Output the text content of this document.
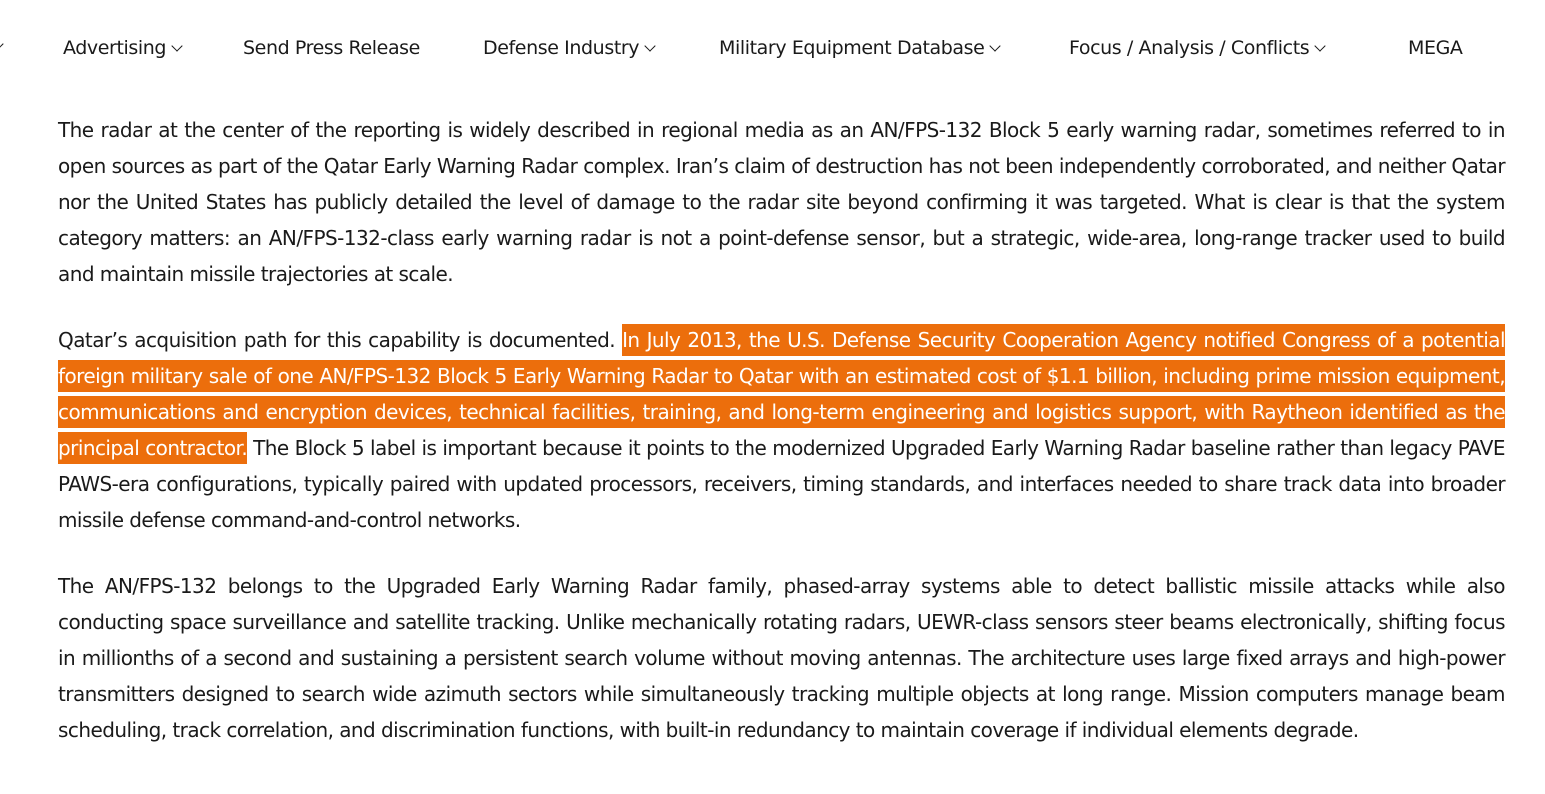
Advertising	Send Press Release	Defense Industry	Military Equipment Database	Focus / Analysis / Conflicts	MEGA

The radar at the center of the reporting is widely described in regional media as an AN/FPS-132 Block 5 early warning radar, sometimes referred to in open sources as part of the Qatar Early Warning Radar complex. Iran’s claim of destruction has not been independently corroborated, and neither Qatar nor the United States has publicly detailed the level of damage to the radar site beyond confirming it was targeted. What is clear is that the system category matters: an AN/FPS-132-class early warning radar is not a point-defense sensor, but a strategic, wide-area, long-range tracker used to build and maintain missile trajectories at scale.

Qatar’s acquisition path for this capability is documented. In July 2013, the U.S. Defense Security Cooperation Agency notified Congress of a potential foreign military sale of one AN/FPS-132 Block 5 Early Warning Radar to Qatar with an estimated cost of $1.1 billion, including prime mission equipment, communications and encryption devices, technical facilities, training, and long-term engineering and logistics support, with Raytheon identified as the principal contractor. The Block 5 label is important because it points to the modernized Upgraded Early Warning Radar baseline rather than legacy PAVE PAWS-era configurations, typically paired with updated processors, receivers, timing standards, and interfaces needed to share track data into broader missile defense command-and-control networks.

The AN/FPS-132 belongs to the Upgraded Early Warning Radar family, phased-array systems able to detect ballistic missile attacks while also conducting space surveillance and satellite tracking. Unlike mechanically rotating radars, UEWR-class sensors steer beams electronically, shifting focus in millionths of a second and sustaining a persistent search volume without moving antennas. The architecture uses large fixed arrays and high-power transmitters designed to search wide azimuth sectors while simultaneously tracking multiple objects at long range. Mission computers manage beam scheduling, track correlation, and discrimination functions, with built-in redundancy to maintain coverage if individual elements degrade.
